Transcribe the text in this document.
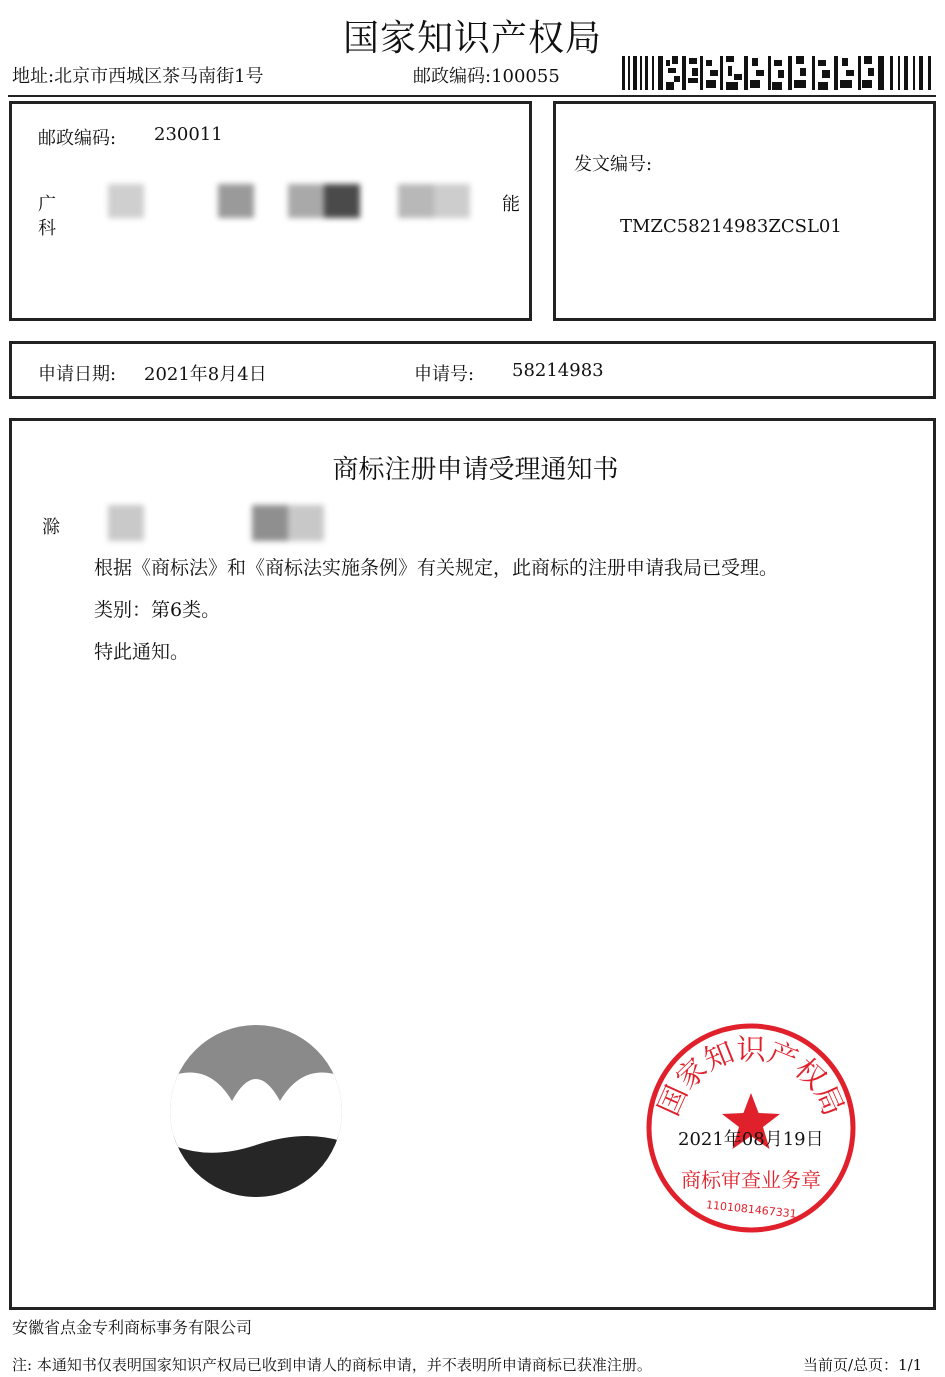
国家知识产权局
地址:北京市西城区茶马南街1号	邮政编码:100055
邮政编码: 230011
广	能
科
发文编号:
TMZC58214983ZCSL01
申请日期: 2021年8月4日	申请号: 58214983
商标注册申请受理通知书
滁
根据《商标法》和《商标法实施条例》有关规定，此商标的注册申请我局已受理。
类别：第6类。
特此通知。
国家知识产权局
商标审查业务章
1101081467331
2021年08月19日
安徽省点金专利商标事务有限公司
注: 本通知书仅表明国家知识产权局已收到申请人的商标申请，并不表明所申请商标已获准注册。	当前页/总页：1/1
